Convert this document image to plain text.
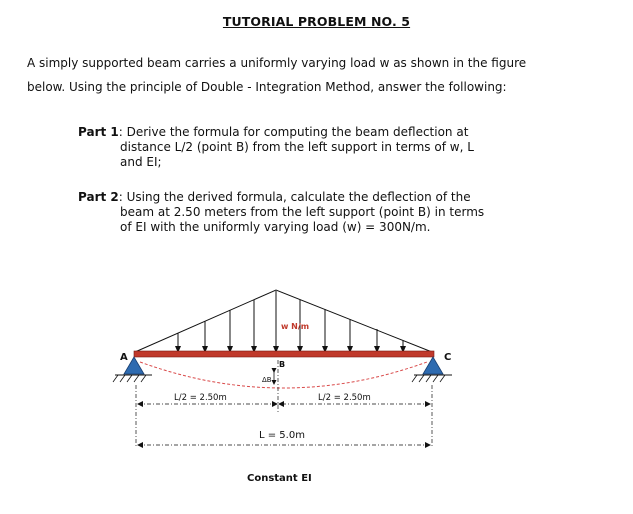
TUTORIAL PROBLEM NO. 5
A simply supported beam carries a uniformly varying load w as shown in the figure
below. Using the principle of Double - Integration Method, answer the following:
Part 1: Derive the formula for computing the beam deflection at
distance L/2 (point B) from the left support in terms of w, L
and EI;
Part 2: Using the derived formula, calculate the deflection of the
beam at 2.50 meters from the left support (point B) in terms
of EI with the uniformly varying load (w) = 300N/m.
w N/m
A
B
C
ΔB
L/2 = 2.50m	L/2 = 2.50m
L = 5.0m
Constant EI
